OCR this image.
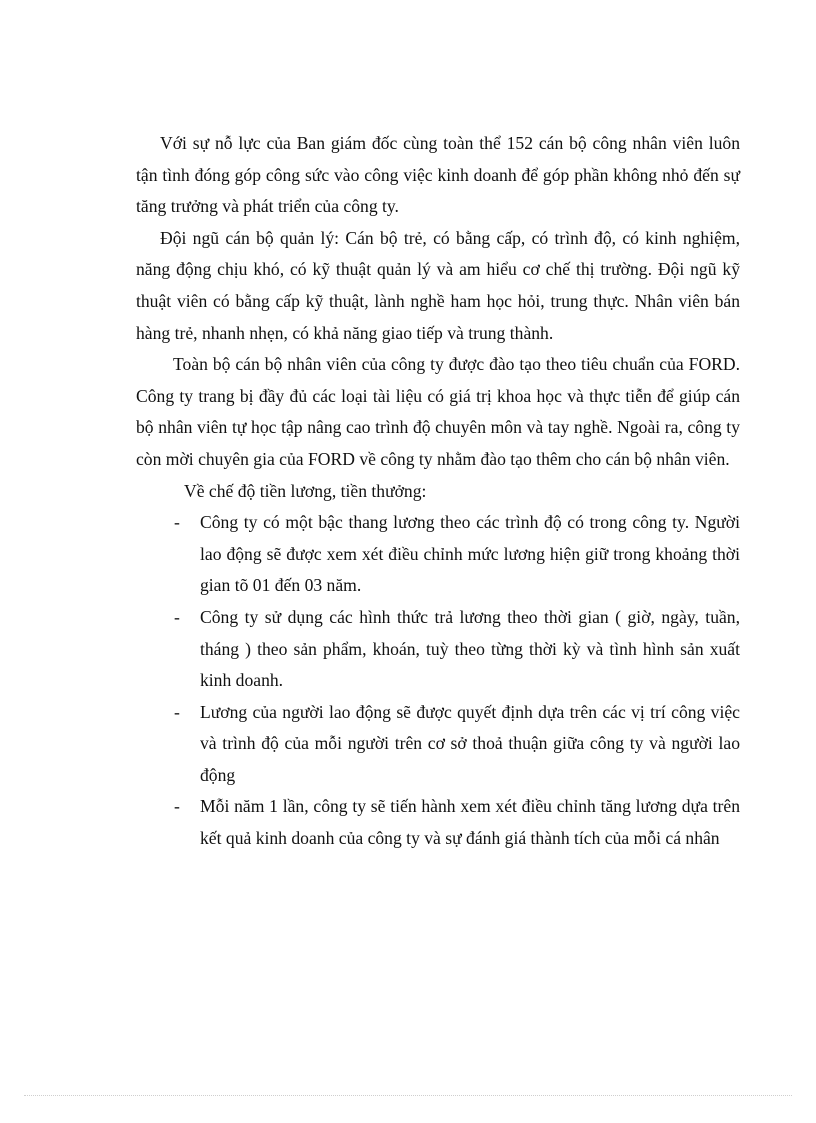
Với sự nỗ lực của Ban giám đốc cùng toàn thể 152 cán bộ công nhân viên luôn tận tình đóng góp công sức vào công việc kinh doanh để góp phần không nhỏ đến sự tăng trưởng và phát triển của công ty.

Đội ngũ cán bộ quản lý: Cán bộ trẻ, có bằng cấp, có trình độ, có kinh nghiệm, năng động chịu khó, có kỹ thuật quản lý và am hiểu cơ chế thị trường. Đội ngũ kỹ thuật viên có bằng cấp kỹ thuật, lành nghề ham học hỏi, trung thực. Nhân viên bán hàng trẻ, nhanh nhẹn, có khả năng giao tiếp và trung thành.

Toàn bộ cán bộ nhân viên của công ty được đào tạo theo tiêu chuẩn của FORD. Công ty trang bị đầy đủ các loại tài liệu có giá trị khoa học và thực tiễn để giúp cán bộ nhân viên tự học tập nâng cao trình độ chuyên môn và tay nghề. Ngoài ra, công ty còn mời chuyên gia của FORD về công ty nhằm đào tạo thêm cho cán bộ nhân viên.

Về chế độ tiền lương, tiền thưởng:

- Công ty có một bậc thang lương theo các trình độ có trong công ty. Người lao động sẽ được xem xét điều chỉnh mức lương hiện giữ trong khoảng thời gian tõ 01 đến 03 năm.
- Công ty sử dụng các hình thức trả lương theo thời gian ( giờ, ngày, tuần, tháng ) theo sản phẩm, khoán, tuỳ theo từng thời kỳ và tình hình sản xuất kinh doanh.
- Lương của người lao động sẽ được quyết định dựa trên các vị trí công việc và trình độ của mỗi người trên cơ sở thoả thuận giữa công ty và người lao động
- Mỗi năm 1 lần, công ty sẽ tiến hành xem xét điều chỉnh tăng lương dựa trên kết quả kinh doanh của công ty và sự đánh giá thành tích của mỗi cá nhân
